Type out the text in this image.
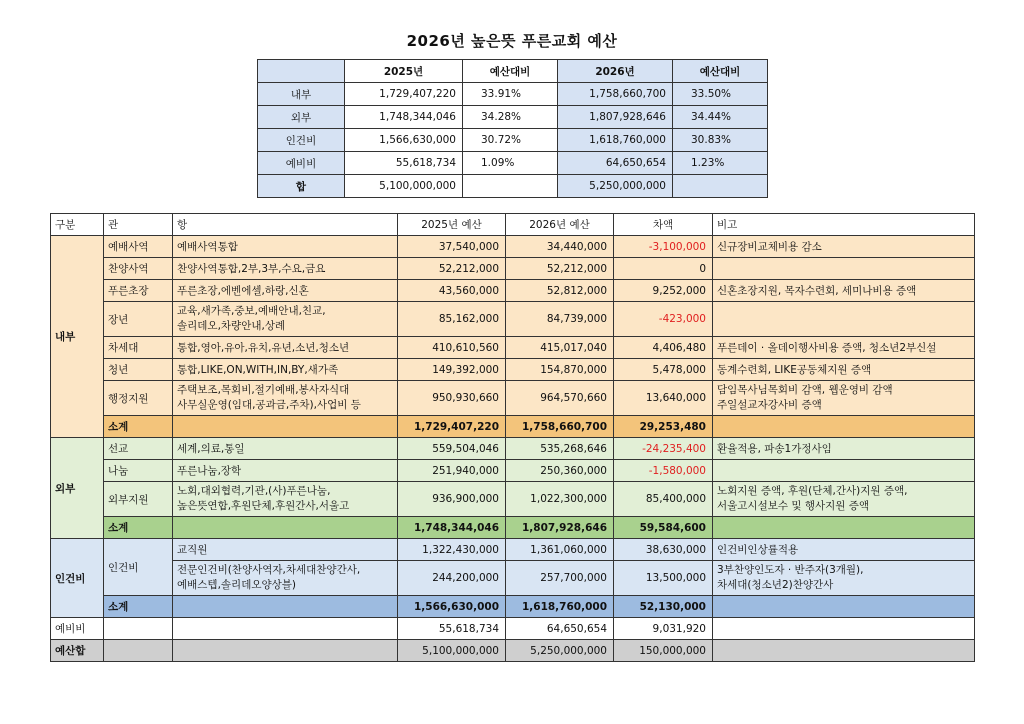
2026년 높은뜻 푸른교회 예산
	2025년	예산대비	2026년	예산대비
내부	1,729,407,220	33.91%	1,758,660,700	33.50%
외부	1,748,344,046	34.28%	1,807,928,646	34.44%
인건비	1,566,630,000	30.72%	1,618,760,000	30.83%
예비비	55,618,734	1.09%	64,650,654	1.23%
합	5,100,000,000		5,250,000,000	
구분	관	항	2025년 예산	2026년 예산	차액	비고
내부	예배사역	예배사역통합	37,540,000	34,440,000	-3,100,000	신규장비교체비용 감소
	찬양사역	찬양사역통합,2부,3부,수요,금요	52,212,000	52,212,000	0	
	푸른초장	푸른초장,에벤에셀,하랑,신혼	43,560,000	52,812,000	9,252,000	신혼초장지원, 목자수련회, 세미나비용 증액
	장년	교육,새가족,중보,예배안내,친교,
솔리데오,차량안내,상례	85,162,000	84,739,000	-423,000	
	차세대	통합,영아,유아,유치,유년,소년,청소년	410,610,560	415,017,040	4,406,480	푸른데이 · 올데이행사비용 증액, 청소년2부신설
	청년	통합,LIKE,ON,WITH,IN,BY,새가족	149,392,000	154,870,000	5,478,000	동계수련회, LIKE공동체지원 증액
	행정지원	주택보조,목회비,절기예배,봉사자식대
사무실운영(임대,공과금,주차),사업비 등	950,930,660	964,570,660	13,640,000	담임목사님목회비 감액, 웹운영비 감액
주일설교자강사비 증액
	소계		1,729,407,220	1,758,660,700	29,253,480	
외부	선교	세계,의료,통일	559,504,046	535,268,646	-24,235,400	환율적용, 파송1가정사임
	나눔	푸른나눔,장학	251,940,000	250,360,000	-1,580,000	
	외부지원	노회,대외협력,기관,(사)푸른나눔,
높은뜻연합,후원단체,후원간사,서울고	936,900,000	1,022,300,000	85,400,000	노회지원 증액, 후원(단체,간사)지원 증액,
서울고시설보수 및 행사지원 증액
	소계		1,748,344,046	1,807,928,646	59,584,600	
인건비	인건비	교직원	1,322,430,000	1,361,060,000	38,630,000	인건비인상률적용
		전문인건비(찬양사역자,차세대찬양간사,
예배스텝,솔리데오양상블)	244,200,000	257,700,000	13,500,000	3부찬양인도자 · 반주자(3개월),
차세대(청소년2)찬양간사
	소계		1,566,630,000	1,618,760,000	52,130,000	
예비비			55,618,734	64,650,654	9,031,920	
예산합			5,100,000,000	5,250,000,000	150,000,000	
